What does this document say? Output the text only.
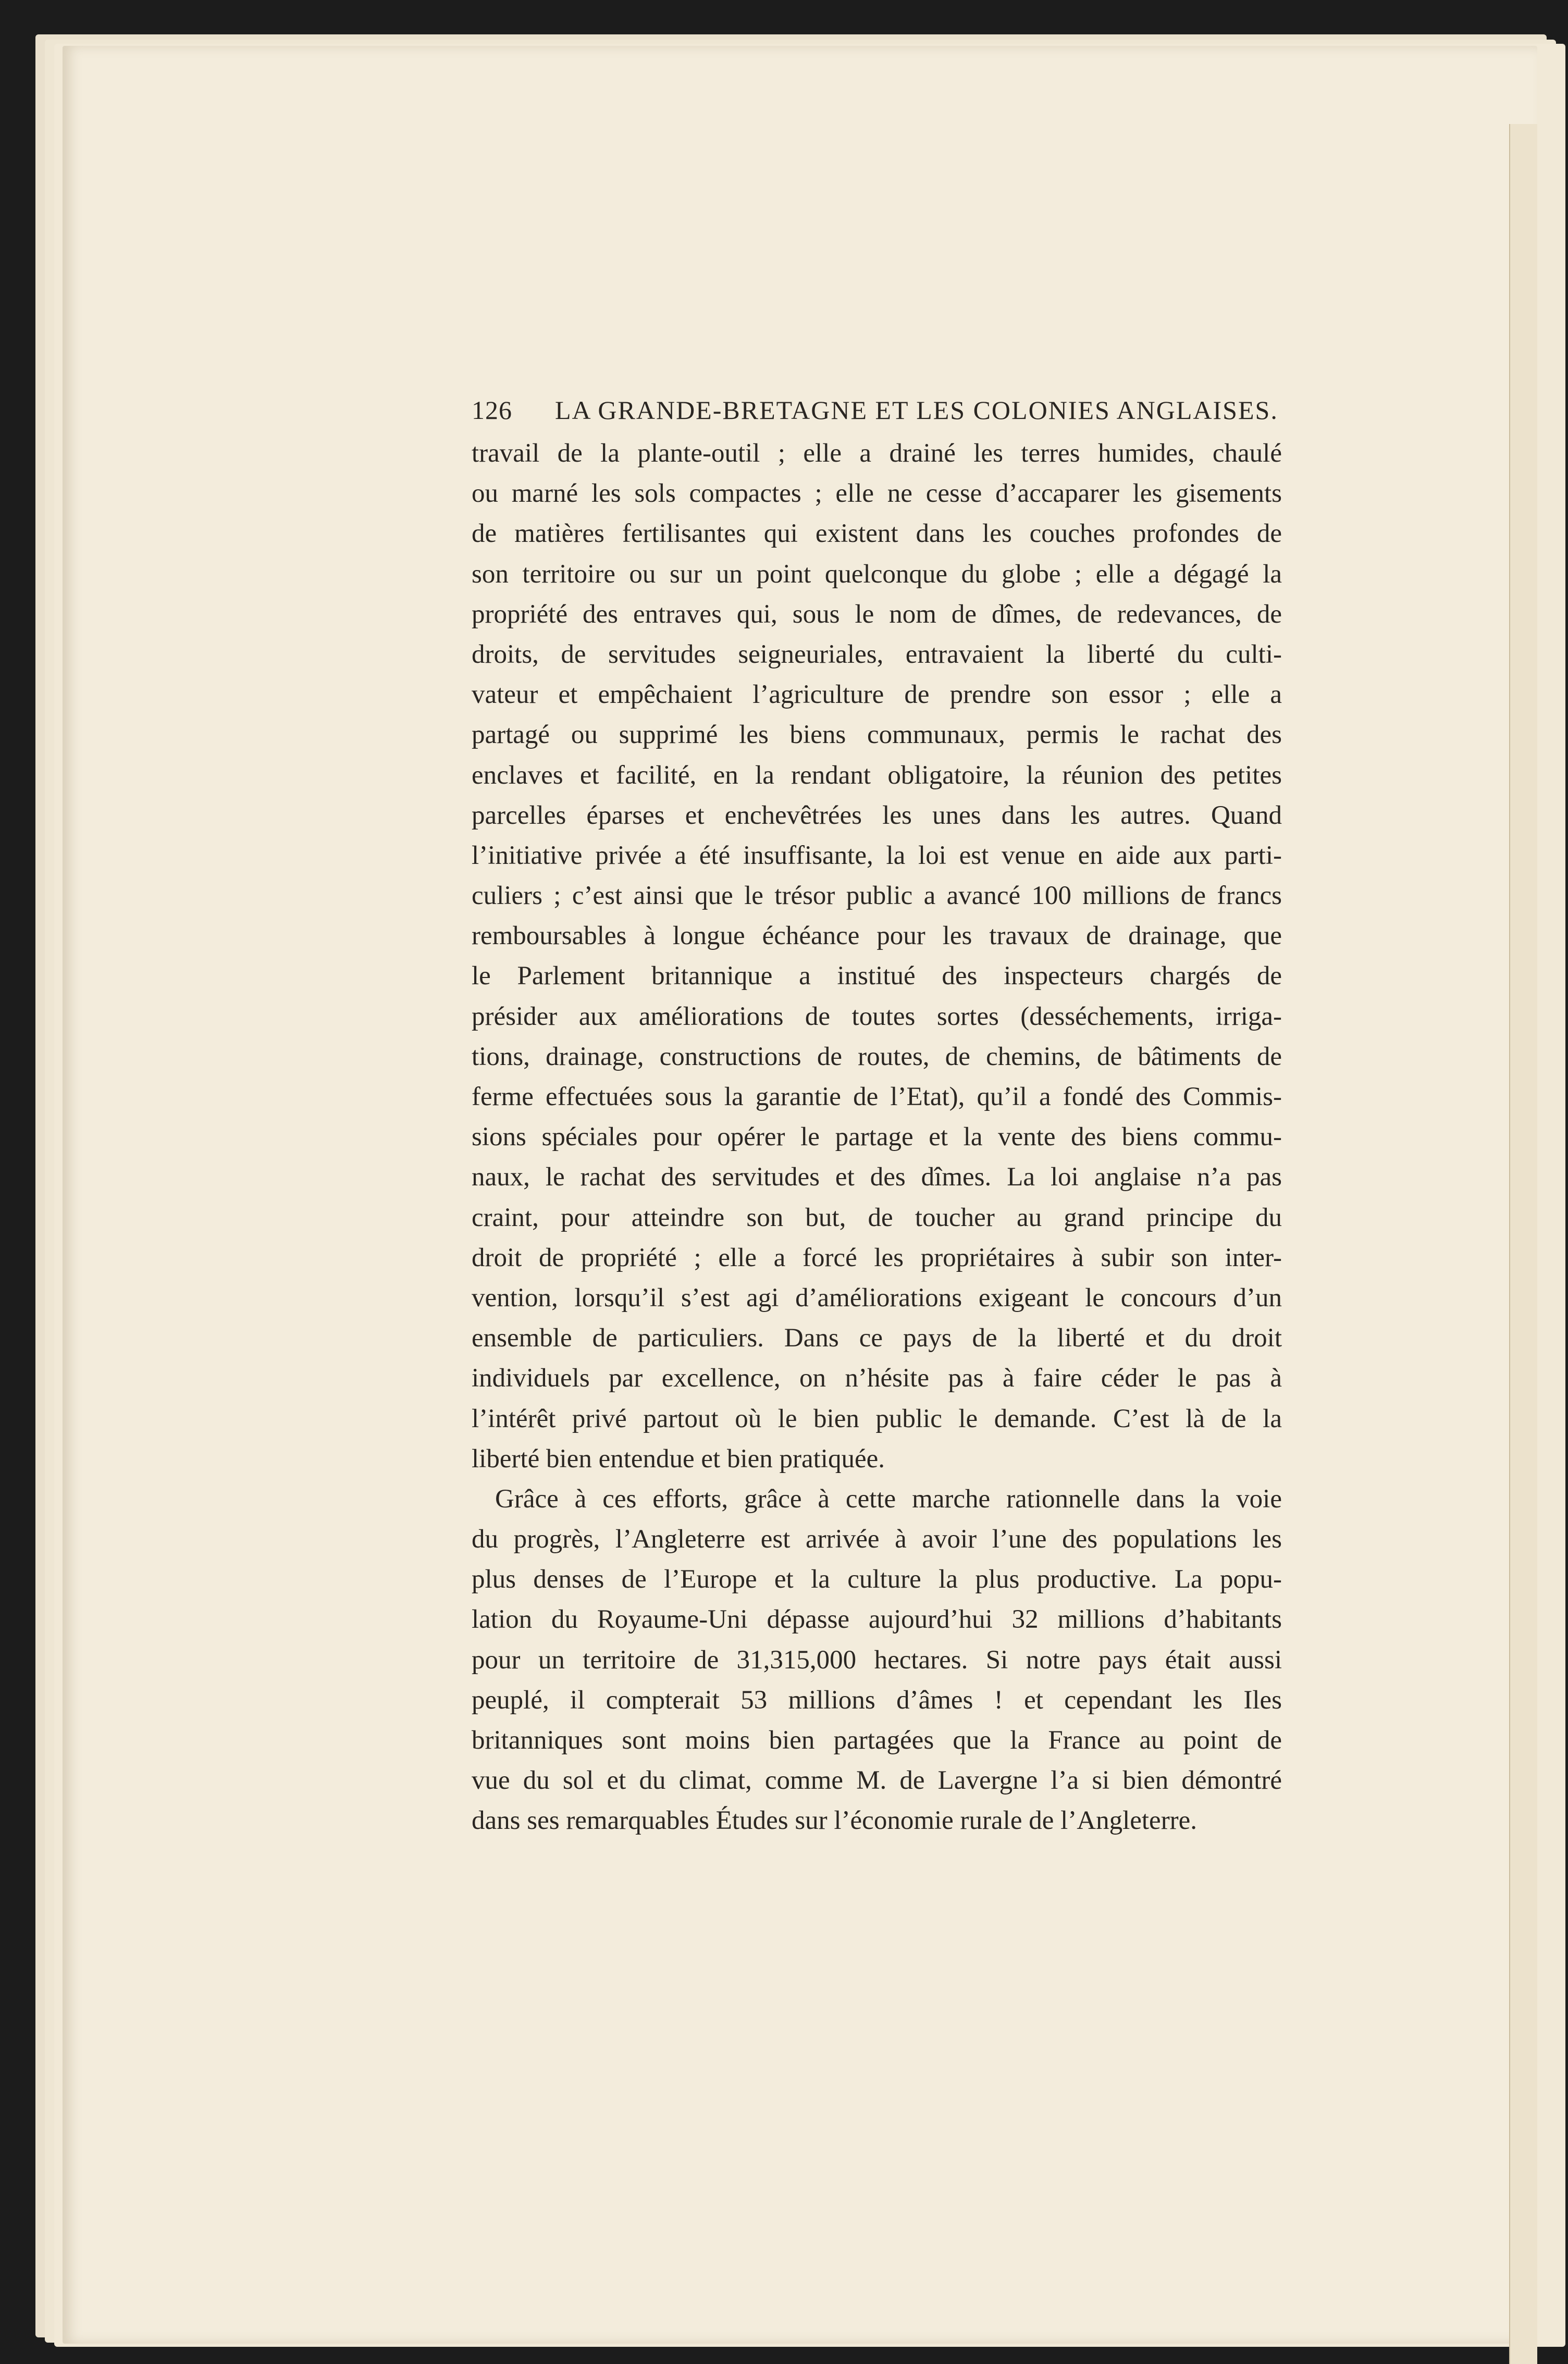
126 LA GRANDE-BRETAGNE ET LES COLONIES ANGLAISES.
travail de la plante-outil ; elle a drainé les terres humides, chaulé
ou marné les sols compactes ; elle ne cesse d’accaparer les gisements
de matières fertilisantes qui existent dans les couches profondes de
son territoire ou sur un point quelconque du globe ; elle a dégagé la
propriété des entraves qui, sous le nom de dîmes, de redevances, de
droits, de servitudes seigneuriales, entravaient la liberté du culti-
vateur et empêchaient l’agriculture de prendre son essor ; elle a
partagé ou supprimé les biens communaux, permis le rachat des
enclaves et facilité, en la rendant obligatoire, la réunion des petites
parcelles éparses et enchevêtrées les unes dans les autres. Quand
l’initiative privée a été insuffisante, la loi est venue en aide aux parti-
culiers ; c’est ainsi que le trésor public a avancé 100 millions de francs
remboursables à longue échéance pour les travaux de drainage, que
le Parlement britannique a institué des inspecteurs chargés de
présider aux améliorations de toutes sortes (desséchements, irriga-
tions, drainage, constructions de routes, de chemins, de bâtiments de
ferme effectuées sous la garantie de l’Etat), qu’il a fondé des Commis-
sions spéciales pour opérer le partage et la vente des biens commu-
naux, le rachat des servitudes et des dîmes. La loi anglaise n’a pas
craint, pour atteindre son but, de toucher au grand principe du
droit de propriété ; elle a forcé les propriétaires à subir son inter-
vention, lorsqu’il s’est agi d’améliorations exigeant le concours d’un
ensemble de particuliers. Dans ce pays de la liberté et du droit
individuels par excellence, on n’hésite pas à faire céder le pas à
l’intérêt privé partout où le bien public le demande. C’est là de la
liberté bien entendue et bien pratiquée.
Grâce à ces efforts, grâce à cette marche rationnelle dans la voie
du progrès, l’Angleterre est arrivée à avoir l’une des populations les
plus denses de l’Europe et la culture la plus productive. La popu-
lation du Royaume-Uni dépasse aujourd’hui 32 millions d’habitants
pour un territoire de 31,315,000 hectares. Si notre pays était aussi
peuplé, il compterait 53 millions d’âmes ! et cependant les Iles
britanniques sont moins bien partagées que la France au point de
vue du sol et du climat, comme M. de Lavergne l’a si bien démontré
dans ses remarquables Études sur l’économie rurale de l’Angleterre.
